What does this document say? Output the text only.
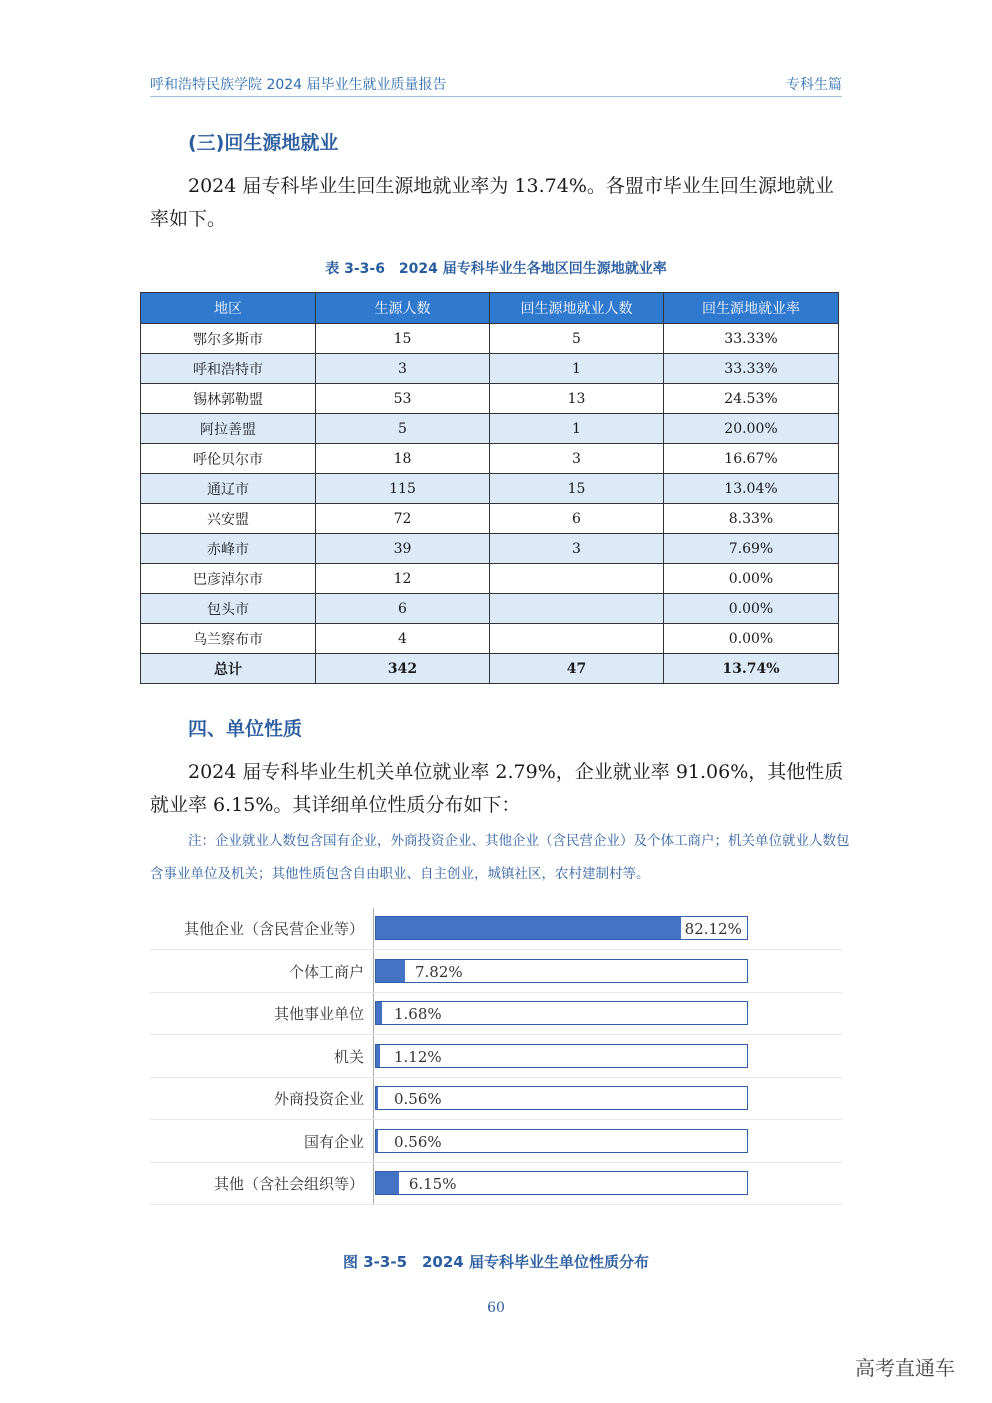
呼和浩特民族学院 2024 届毕业生就业质量报告	专科生篇
(三)回生源地就业
2024 届专科毕业生回生源地就业率为 13.74%。各盟市毕业生回生源地就业率如下。
表 3-3-6　2024 届专科毕业生各地区回生源地就业率
地区	生源人数	回生源地就业人数	回生源地就业率
鄂尔多斯市	15	5	33.33%
呼和浩特市	3	1	33.33%
锡林郭勒盟	53	13	24.53%
阿拉善盟	5	1	20.00%
呼伦贝尔市	18	3	16.67%
通辽市	115	15	13.04%
兴安盟	72	6	8.33%
赤峰市	39	3	7.69%
巴彦淖尔市	12		0.00%
包头市	6		0.00%
乌兰察布市	4		0.00%
总计	342	47	13.74%
四、单位性质
2024 届专科毕业生机关单位就业率 2.79%，企业就业率 91.06%，其他性质就业率 6.15%。其详细单位性质分布如下：
注：企业就业人数包含国有企业，外商投资企业、其他企业（含民营企业）及个体工商户；机关单位就业人数包含事业单位及机关；其他性质包含自由职业、自主创业，城镇社区，农村建制村等。
其他企业（含民营企业等）	82.12%
个体工商户	7.82%
其他事业单位 1.68%
机关 1.12%
外商投资企业 0.56%
国有企业 0.56%
其他（含社会组织等）	6.15%
图 3-3-5　2024 届专科毕业生单位性质分布
60
高考直通车
